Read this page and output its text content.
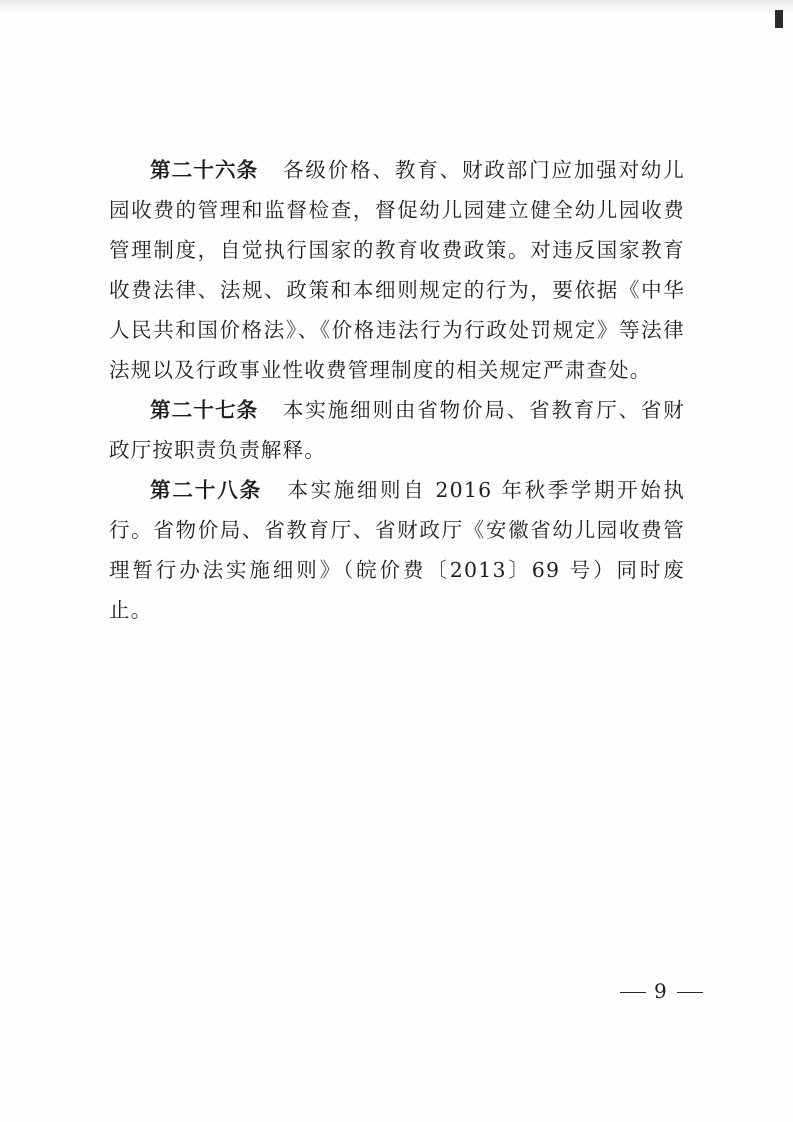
第二十六条 各级价格、教育、财政部门应加强对幼儿园收费的管理和监督检查，督促幼儿园建立健全幼儿园收费管理制度，自觉执行国家的教育收费政策。对违反国家教育收费法律、法规、政策和本细则规定的行为，要依据《中华人民共和国价格法》、《价格违法行为行政处罚规定》等法律法规以及行政事业性收费管理制度的相关规定严肃查处。

第二十七条 本实施细则由省物价局、省教育厅、省财政厅按职责负责解释。

第二十八条 本实施细则自 2016 年秋季学期开始执行。省物价局、省教育厅、省财政厅《安徽省幼儿园收费管理暂行办法实施细则》（皖价费〔2013〕69 号）同时废止。

9
